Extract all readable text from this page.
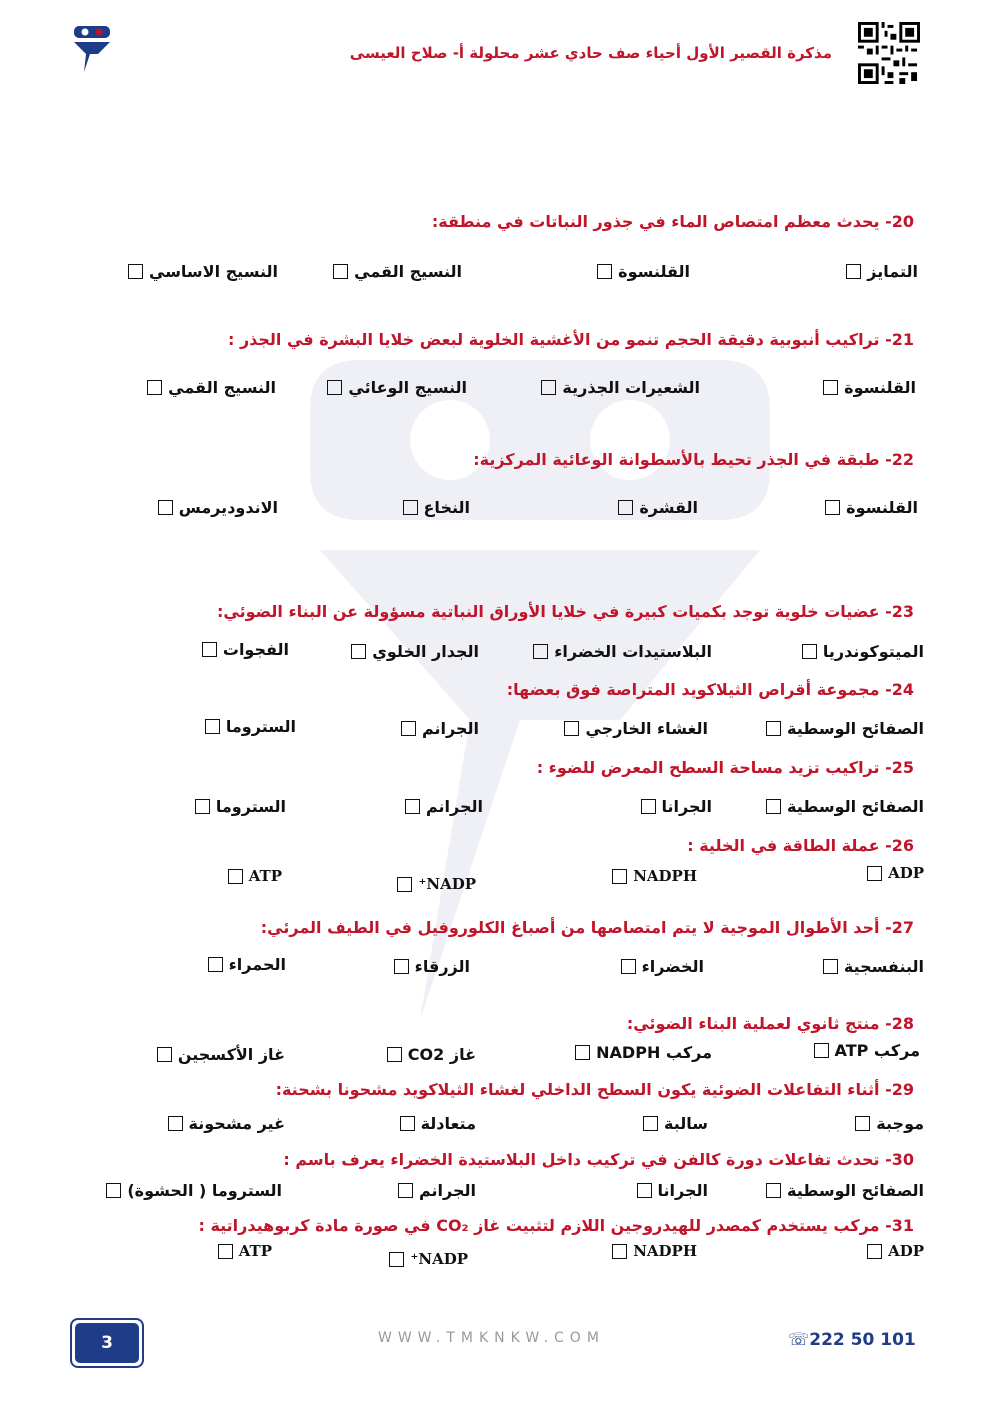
مذكرة القصير الأول أحياء صف حادي عشر محلولة أ- صلاح العيسى
20- يحدث معظم امتصاص الماء في جذور النباتات في منطقة:
التمايز
القلنسوة
النسيج القمي
النسيج الاساسي
21- تراكيب أنبوبية دقيقة الحجم تنمو من الأغشية الخلوية لبعض خلايا البشرة في الجذر :
القلنسوة
الشعيرات الجذرية
النسيج الوعائي
النسيج القمي
22- طبقة في الجذر تحيط بالأسطوانة الوعائية المركزية:
القلنسوة
القشرة
النخاع
الاندوديرمس
23- عضيات خلوية توجد بكميات كبيرة في خلايا الأوراق النباتية مسؤولة عن البناء الضوئي:
الميتوكوندريا
البلاستيدات الخضراء
الجدار الخلوي
الفجوات
24- مجموعة أقراص الثيلاكويد المتراصة فوق بعضها:
الصفائح الوسطية
الغشاء الخارجي
الجرانم
الستروما
25- تراكيب تزيد مساحة السطح المعرض للضوء :
الصفائح الوسطية
الجرانا
الجرانم
الستروما
26- عملة الطاقة في الخلية :
ADP
NADPH
NADP⁺
ATP
27- أحد الأطوال الموجية لا يتم امتصاصها من أصباغ الكلوروفيل في الطيف المرئي:
البنفسجية
الخضراء
الزرقاء
الحمراء
28- منتج ثانوي لعملية البناء الضوئي:
مركب ATP
مركب NADPH
غاز CO2
غاز الأكسجين
29- أثناء التفاعلات الضوئية يكون السطح الداخلي لغشاء الثيلاكويد مشحونا بشحنة:
موجبة
سالبة
متعادلة
غير مشحونة
30- تحدث تفاعلات دورة كالفن في تركيب داخل البلاستيدة الخضراء يعرف باسم :
الصفائح الوسطية
الجرانا
الجرانم
الستروما ( الحشوة)
31- مركب يستخدم كمصدر للهيدروجين اللازم لتثبيت غاز CO₂ في صورة مادة كربوهيدراتية :
ADP
NADPH
NADP⁺
ATP
3	WWW.TMKNKW.COM	☏222 50 101
